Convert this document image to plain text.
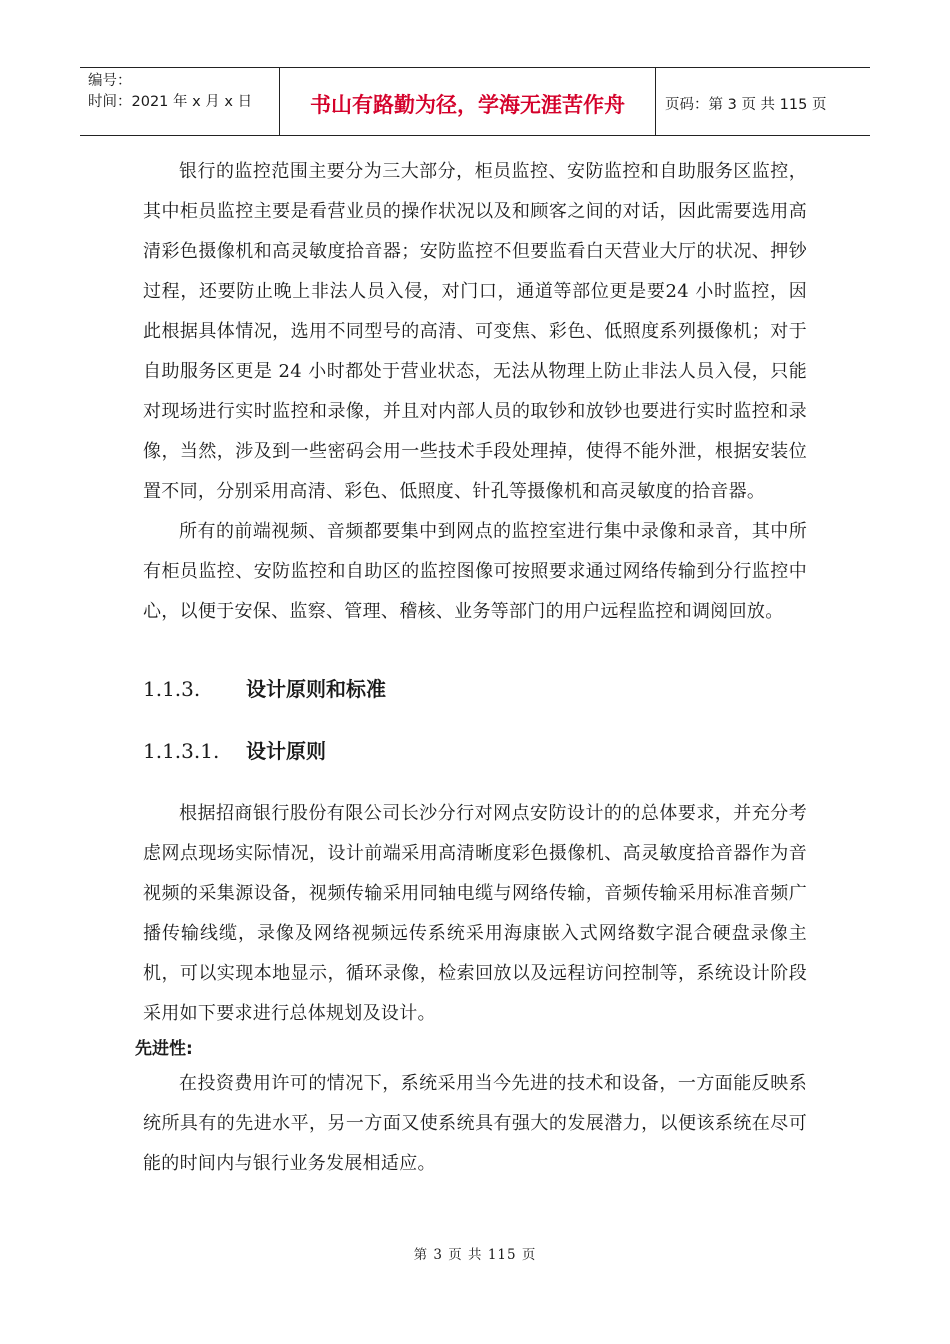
编号：
时间：2021 年 x 月 x 日	书山有路勤为径，学海无涯苦作舟	页码：第 3 页 共 115 页

银行的监控范围主要分为三大部分，柜员监控、安防监控和自助服务区监控，其中柜员监控主要是看营业员的操作状况以及和顾客之间的对话，因此需要选用高清彩色摄像机和高灵敏度拾音器；安防监控不但要监看白天营业大厅的状况、押钞过程，还要防止晚上非法人员入侵，对门口，通道等部位更是要24 小时监控，因此根据具体情况，选用不同型号的高清、可变焦、彩色、低照度系列摄像机；对于自助服务区更是 24 小时都处于营业状态，无法从物理上防止非法人员入侵，只能对现场进行实时监控和录像，并且对内部人员的取钞和放钞也要进行实时监控和录像，当然，涉及到一些密码会用一些技术手段处理掉，使得不能外泄，根据安装位置不同，分别采用高清、彩色、低照度、针孔等摄像机和高灵敏度的拾音器。

所有的前端视频、音频都要集中到网点的监控室进行集中录像和录音，其中所有柜员监控、安防监控和自助区的监控图像可按照要求通过网络传输到分行监控中心，以便于安保、监察、管理、稽核、业务等部门的用户远程监控和调阅回放。

1.1.3.	设计原则和标准
1.1.3.1.	设计原则

根据招商银行股份有限公司长沙分行对网点安防设计的的总体要求，并充分考虑网点现场实际情况，设计前端采用高清晰度彩色摄像机、高灵敏度拾音器作为音视频的采集源设备，视频传输采用同轴电缆与网络传输，音频传输采用标准音频广播传输线缆，录像及网络视频远传系统采用海康嵌入式网络数字混合硬盘录像主机，可以实现本地显示，循环录像，检索回放以及远程访问控制等，系统设计阶段采用如下要求进行总体规划及设计。

先进性:

在投资费用许可的情况下，系统采用当今先进的技术和设备，一方面能反映系统所具有的先进水平，另一方面又使系统具有强大的发展潜力，以便该系统在尽可能的时间内与银行业务发展相适应。

第 3 页 共 115 页
